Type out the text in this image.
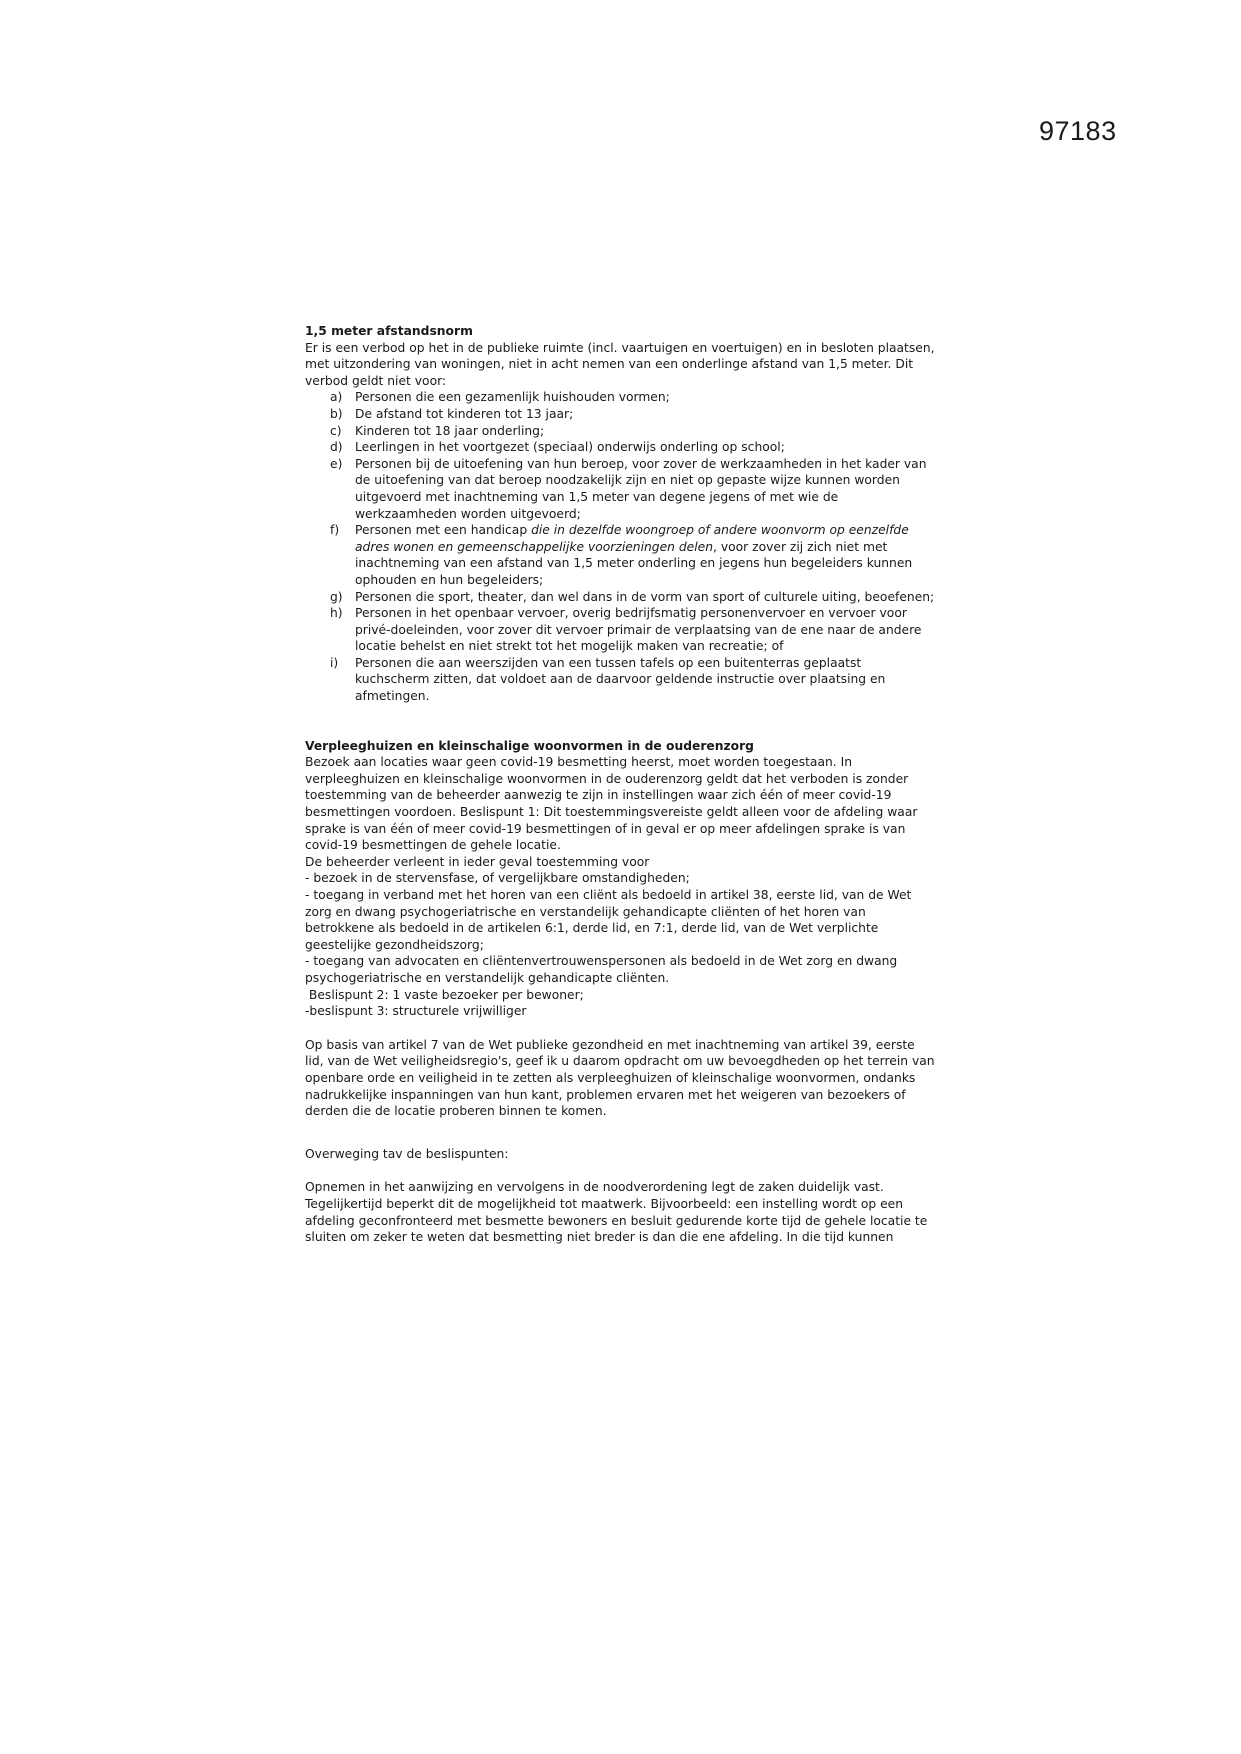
97183
1,5 meter afstandsnorm

Er is een verbod op het in de publieke ruimte (incl. vaartuigen en voertuigen) en in besloten plaatsen, met uitzondering van woningen, niet in acht nemen van een onderlinge afstand van 1,5 meter. Dit verbod geldt niet voor:

a) Personen die een gezamenlijk huishouden vormen;
b) De afstand tot kinderen tot 13 jaar;
c) Kinderen tot 18 jaar onderling;
d) Leerlingen in het voortgezet (speciaal) onderwijs onderling op school;
e) Personen bij de uitoefening van hun beroep, voor zover de werkzaamheden in het kader van de uitoefening van dat beroep noodzakelijk zijn en niet op gepaste wijze kunnen worden uitgevoerd met inachtneming van 1,5 meter van degene jegens of met wie de werkzaamheden worden uitgevoerd;
f) Personen met een handicap die in dezelfde woongroep of andere woonvorm op eenzelfde adres wonen en gemeenschappelijke voorzieningen delen, voor zover zij zich niet met inachtneming van een afstand van 1,5 meter onderling en jegens hun begeleiders kunnen ophouden en hun begeleiders;
g) Personen die sport, theater, dan wel dans in de vorm van sport of culturele uiting, beoefenen;
h) Personen in het openbaar vervoer, overig bedrijfsmatig personenvervoer en vervoer voor privé-doeleinden, voor zover dit vervoer primair de verplaatsing van de ene naar de andere locatie behelst en niet strekt tot het mogelijk maken van recreatie; of
i) Personen die aan weerszijden van een tussen tafels op een buitenterras geplaatst kuchscherm zitten, dat voldoet aan de daarvoor geldende instructie over plaatsing en afmetingen.
Verpleeghuizen en kleinschalige woonvormen in de ouderenzorg

Bezoek aan locaties waar geen covid-19 besmetting heerst, moet worden toegestaan. In verpleeghuizen en kleinschalige woonvormen in de ouderenzorg geldt dat het verboden is zonder toestemming van de beheerder aanwezig te zijn in instellingen waar zich één of meer covid-19 besmettingen voordoen. Beslispunt 1: Dit toestemmingsvereiste geldt alleen voor de afdeling waar sprake is van één of meer covid-19 besmettingen of in geval er op meer afdelingen sprake is van covid-19 besmettingen de gehele locatie.

De beheerder verleent in ieder geval toestemming voor

- bezoek in de stervensfase, of vergelijkbare omstandigheden;

- toegang in verband met het horen van een cliënt als bedoeld in artikel 38, eerste lid, van de Wet zorg en dwang psychogeriatrische en verstandelijk gehandicapte cliënten of het horen van betrokkene als bedoeld in de artikelen 6:1, derde lid, en 7:1, derde lid, van de Wet verplichte geestelijke gezondheidszorg;

- toegang van advocaten en cliëntenvertrouwenspersonen als bedoeld in de Wet zorg en dwang psychogeriatrische en verstandelijk gehandicapte cliënten.

Beslispunt 2: 1 vaste bezoeker per bewoner;

-beslispunt 3: structurele vrijwilliger

Op basis van artikel 7 van de Wet publieke gezondheid en met inachtneming van artikel 39, eerste lid, van de Wet veiligheidsregio's, geef ik u daarom opdracht om uw bevoegdheden op het terrein van openbare orde en veiligheid in te zetten als verpleeghuizen of kleinschalige woonvormen, ondanks nadrukkelijke inspanningen van hun kant, problemen ervaren met het weigeren van bezoekers of derden die de locatie proberen binnen te komen.

Overweging tav de beslispunten:

Opnemen in het aanwijzing en vervolgens in de noodverordening legt de zaken duidelijk vast. Tegelijkertijd beperkt dit de mogelijkheid tot maatwerk. Bijvoorbeeld: een instelling wordt op een afdeling geconfronteerd met besmette bewoners en besluit gedurende korte tijd de gehele locatie te sluiten om zeker te weten dat besmetting niet breder is dan die ene afdeling. In die tijd kunnen
